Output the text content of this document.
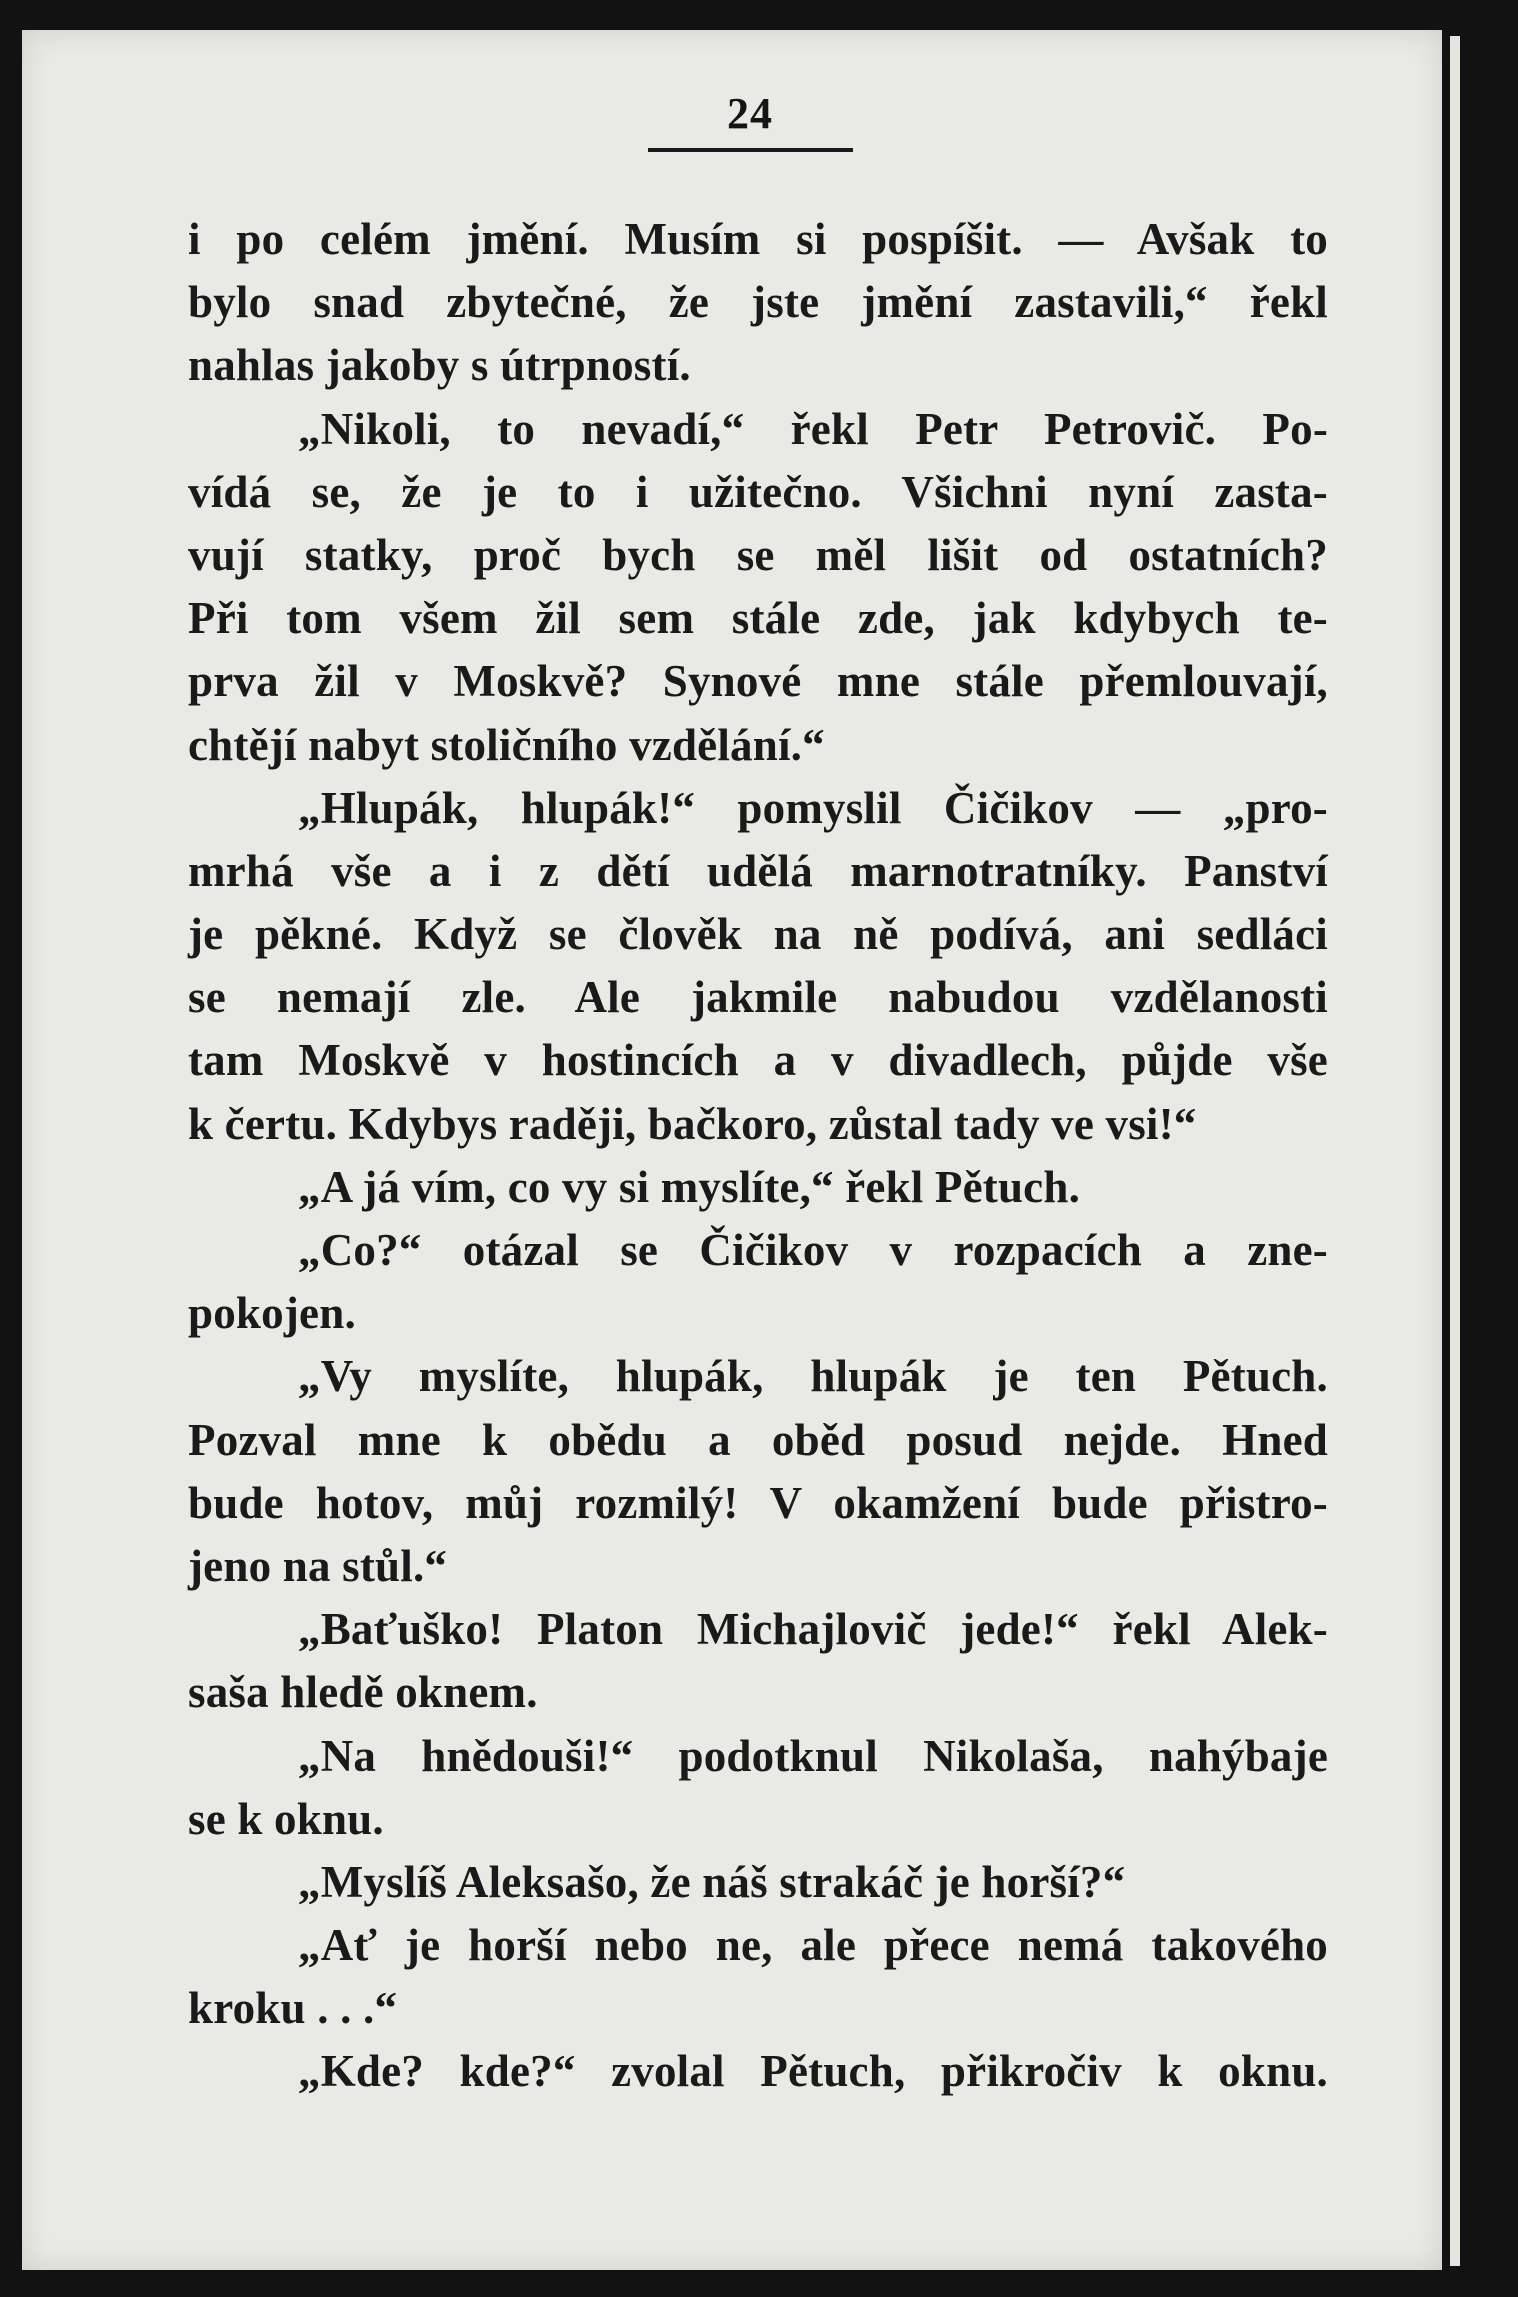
24
i po celém jmění. Musím si pospíšit. — Avšak to
bylo snad zbytečné, že jste jmění zastavili,“ řekl
nahlas jakoby s útrpností.
„Nikoli, to nevadí,“ řekl Petr Petrovič. Po-
vídá se, že je to i užitečno. Všichni nyní zasta-
vují statky, proč bych se měl lišit od ostatních?
Při tom všem žil sem stále zde, jak kdybych te-
prva žil v Moskvě? Synové mne stále přemlouvají,
chtějí nabyt stoličního vzdělání.“
„Hlupák, hlupák!“ pomyslil Čičikov — „pro-
mrhá vše a i z dětí udělá marnotratníky. Panství
je pěkné. Když se člověk na ně podívá, ani sedláci
se nemají zle. Ale jakmile nabudou vzdělanosti
tam Moskvě v hostincích a v divadlech, půjde vše
k čertu. Kdybys raději, bačkoro, zůstal tady ve vsi!“
„A já vím, co vy si myslíte,“ řekl Pětuch.
„Co?“ otázal se Čičikov v rozpacích a zne-
pokojen.
„Vy myslíte, hlupák, hlupák je ten Pětuch.
Pozval mne k obědu a oběd posud nejde. Hned
bude hotov, můj rozmilý! V okamžení bude přistro-
jeno na stůl.“
„Baťuško! Platon Michajlovič jede!“ řekl Alek-
saša hledě oknem.
„Na hnědouši!“ podotknul Nikolaša, nahýbaje
se k oknu.
„Myslíš Aleksašo, že náš strakáč je horší?“
„Ať je horší nebo ne, ale přece nemá takového
kroku . . .“
„Kde? kde?“ zvolal Pětuch, přikročiv k oknu.
